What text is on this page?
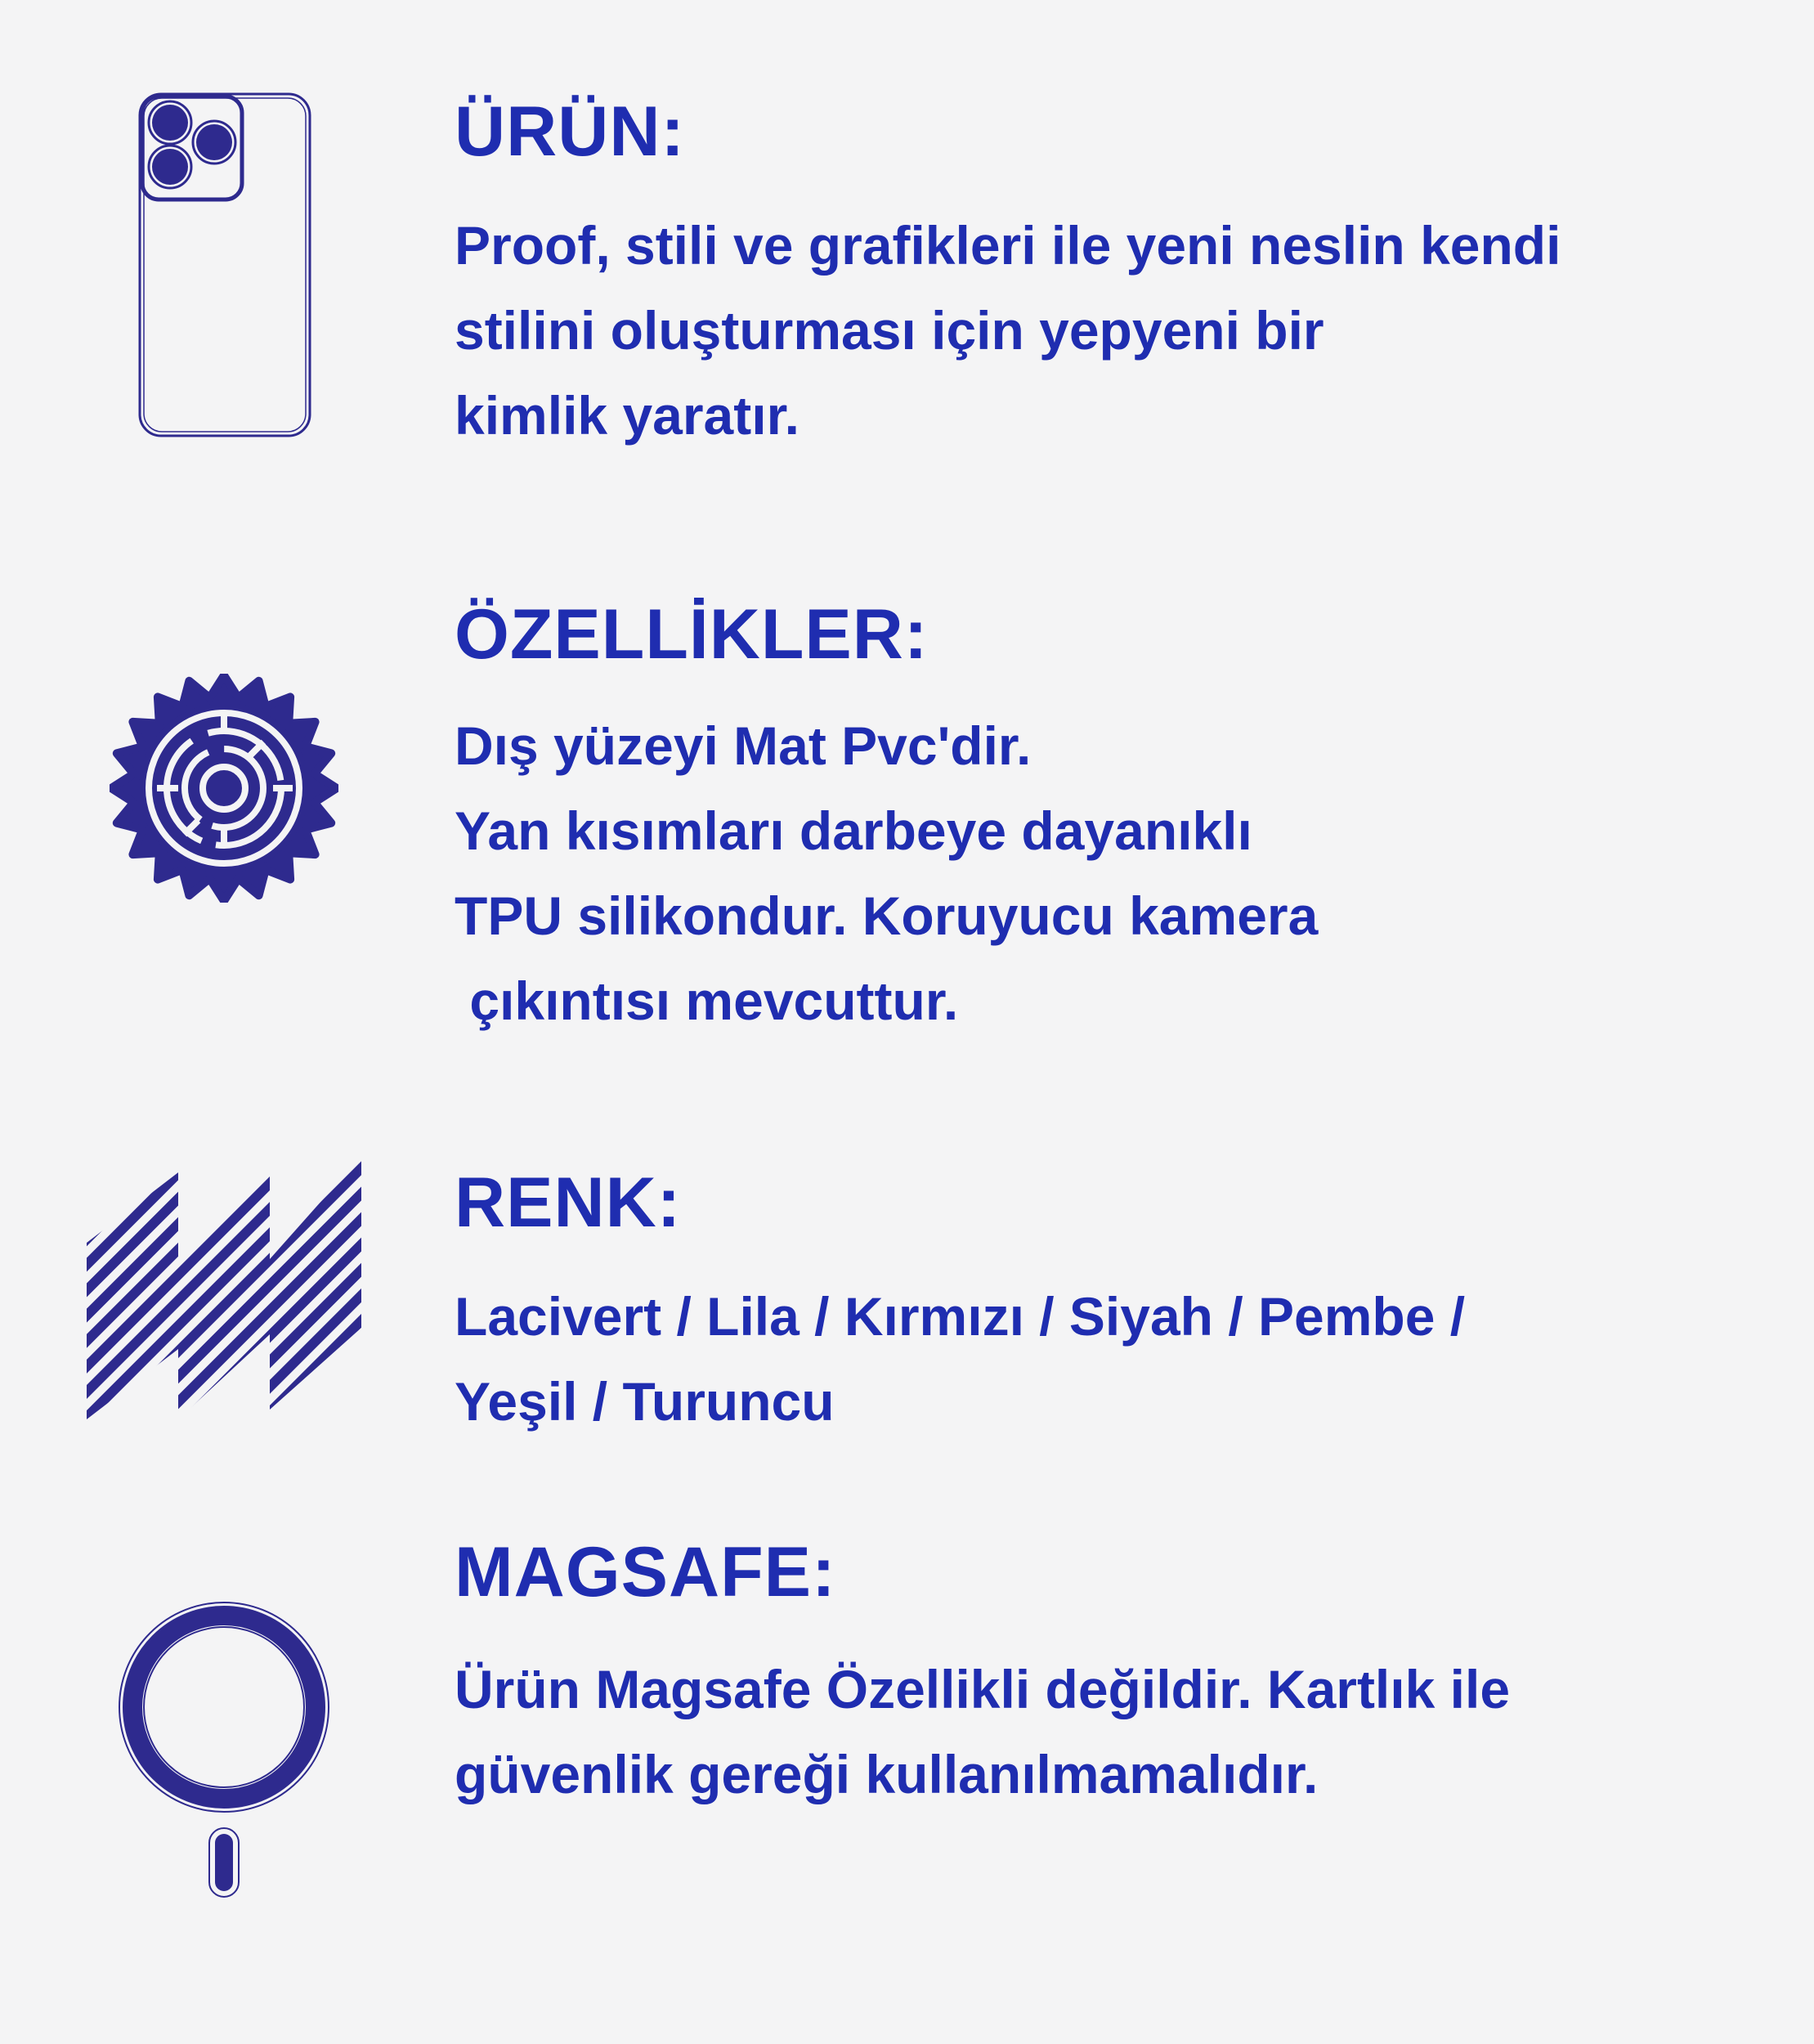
ÜRÜN:

Proof, stili ve grafikleri ile yeni neslin kendi
stilini oluşturması için yepyeni bir
kimlik yaratır.

ÖZELLİKLER:

Dış yüzeyi Mat Pvc'dir.
Yan kısımları darbeye dayanıklı
TPU silikondur. Koruyucu kamera
çıkıntısı mevcuttur.

RENK:

Lacivert / Lila / Kırmızı / Siyah / Pembe /
Yeşil / Turuncu

MAGSAFE:

Ürün Magsafe Özellikli değildir. Kartlık ile
güvenlik gereği kullanılmamalıdır.
